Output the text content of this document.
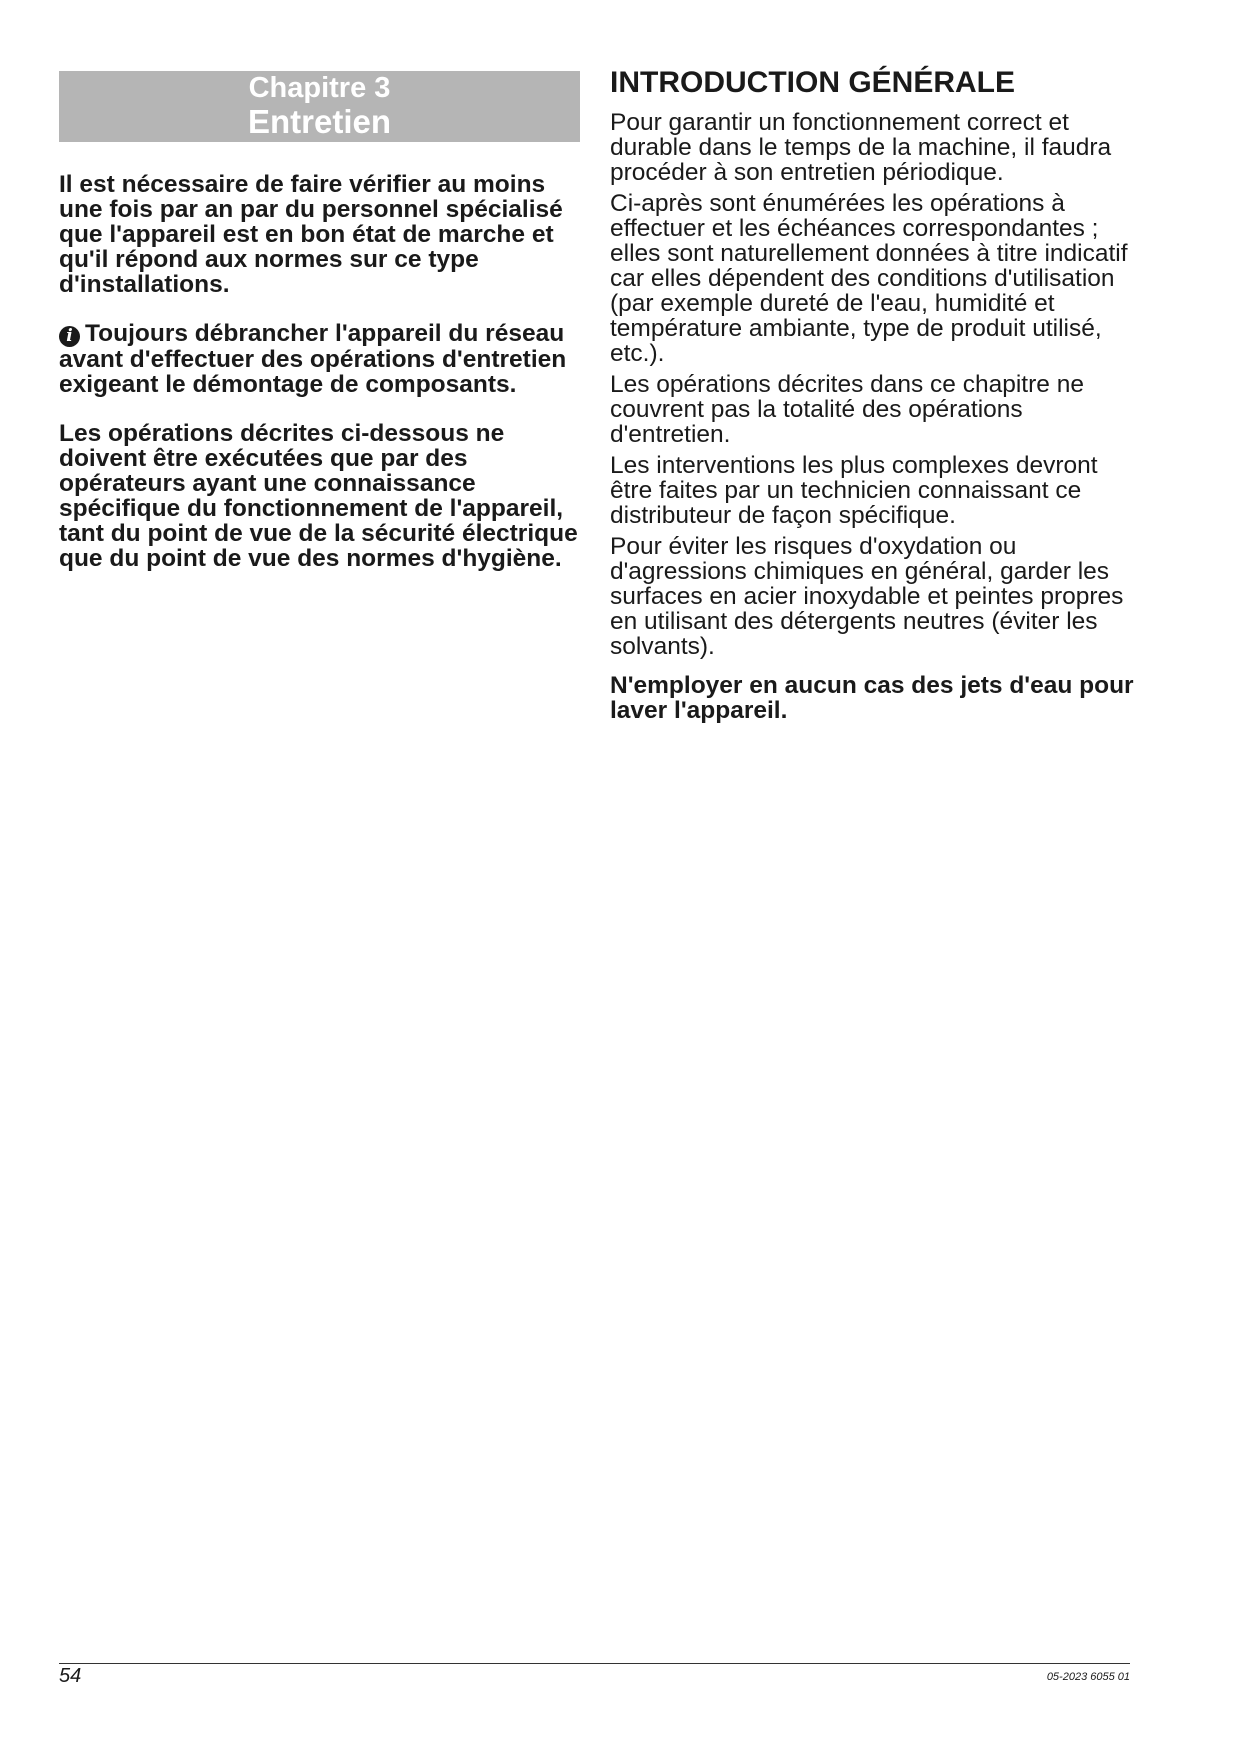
Chapitre 3
Entretien

Il est nécessaire de faire vérifier au moins une fois par an par du personnel spécialisé que l'appareil est en bon état de marche et qu'il répond aux normes sur ce type d'installations.

i Toujours débrancher l'appareil du réseau avant d'effectuer des opérations d'entretien exigeant le démontage de composants.

Les opérations décrites ci-dessous ne doivent être exécutées que par des opérateurs ayant une connaissance spécifique du fonctionnement de l'appareil, tant du point de vue de la sécurité électrique que du point de vue des normes d'hygiène.

INTRODUCTION GÉNÉRALE

Pour garantir un fonctionnement correct et durable dans le temps de la machine, il faudra procéder à son entretien périodique.

Ci-après sont énumérées les opérations à effectuer et les échéances correspondantes ; elles sont naturellement données à titre indicatif car elles dépendent des conditions d'utilisation (par exemple dureté de l'eau, humidité et température ambiante, type de produit utilisé, etc.).

Les opérations décrites dans ce chapitre ne couvrent pas la totalité des opérations d'entretien.

Les interventions les plus complexes devront être faites par un technicien connaissant ce distributeur de façon spécifique.

Pour éviter les risques d'oxydation ou d'agressions chimiques en général, garder les surfaces en acier inoxydable et peintes propres en utilisant des détergents neutres (éviter les solvants).

N'employer en aucun cas des jets d'eau pour laver l'appareil.

54	05-2023 6055 01
